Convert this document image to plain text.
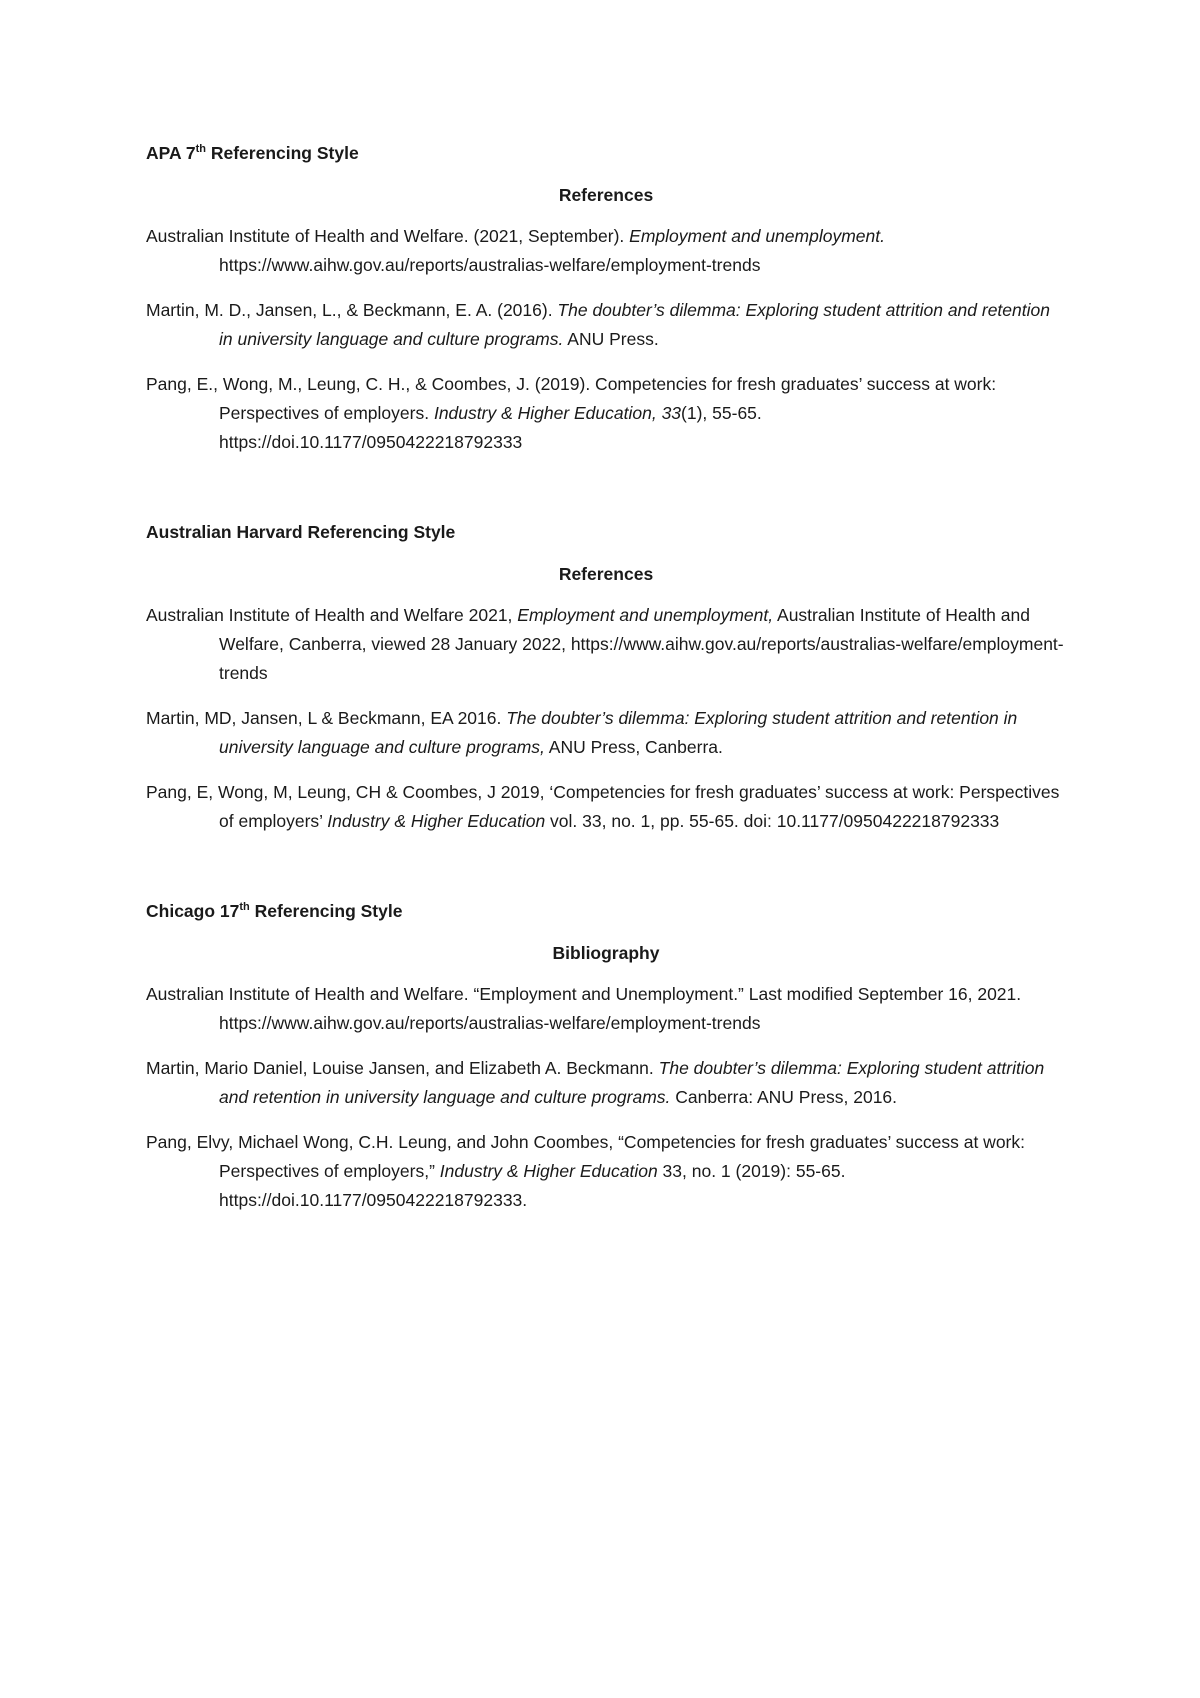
APA 7th Referencing Style

References

Australian Institute of Health and Welfare. (2021, September). Employment and unemployment. https://www.aihw.gov.au/reports/australias-welfare/employment-trends

Martin, M. D., Jansen, L., & Beckmann, E. A. (2016). The doubter’s dilemma: Exploring student attrition and retention in university language and culture programs. ANU Press.

Pang, E., Wong, M., Leung, C. H., & Coombes, J. (2019). Competencies for fresh graduates’ success at work: Perspectives of employers. Industry & Higher Education, 33(1), 55-65. https://doi.10.1177/0950422218792333

Australian Harvard Referencing Style

References

Australian Institute of Health and Welfare 2021, Employment and unemployment, Australian Institute of Health and Welfare, Canberra, viewed 28 January 2022, https://www.aihw.gov.au/reports/australias-welfare/employment-trends

Martin, MD, Jansen, L & Beckmann, EA 2016. The doubter’s dilemma: Exploring student attrition and retention in university language and culture programs, ANU Press, Canberra.

Pang, E, Wong, M, Leung, CH & Coombes, J 2019, ‘Competencies for fresh graduates’ success at work: Perspectives of employers’ Industry & Higher Education vol. 33, no. 1, pp. 55-65. doi: 10.1177/0950422218792333

Chicago 17th Referencing Style

Bibliography

Australian Institute of Health and Welfare. “Employment and Unemployment.” Last modified September 16, 2021. https://www.aihw.gov.au/reports/australias-welfare/employment-trends

Martin, Mario Daniel, Louise Jansen, and Elizabeth A. Beckmann. The doubter’s dilemma: Exploring student attrition and retention in university language and culture programs. Canberra: ANU Press, 2016.

Pang, Elvy, Michael Wong, C.H. Leung, and John Coombes, “Competencies for fresh graduates’ success at work: Perspectives of employers,” Industry & Higher Education 33, no. 1 (2019): 55-65. https://doi.10.1177/0950422218792333.
